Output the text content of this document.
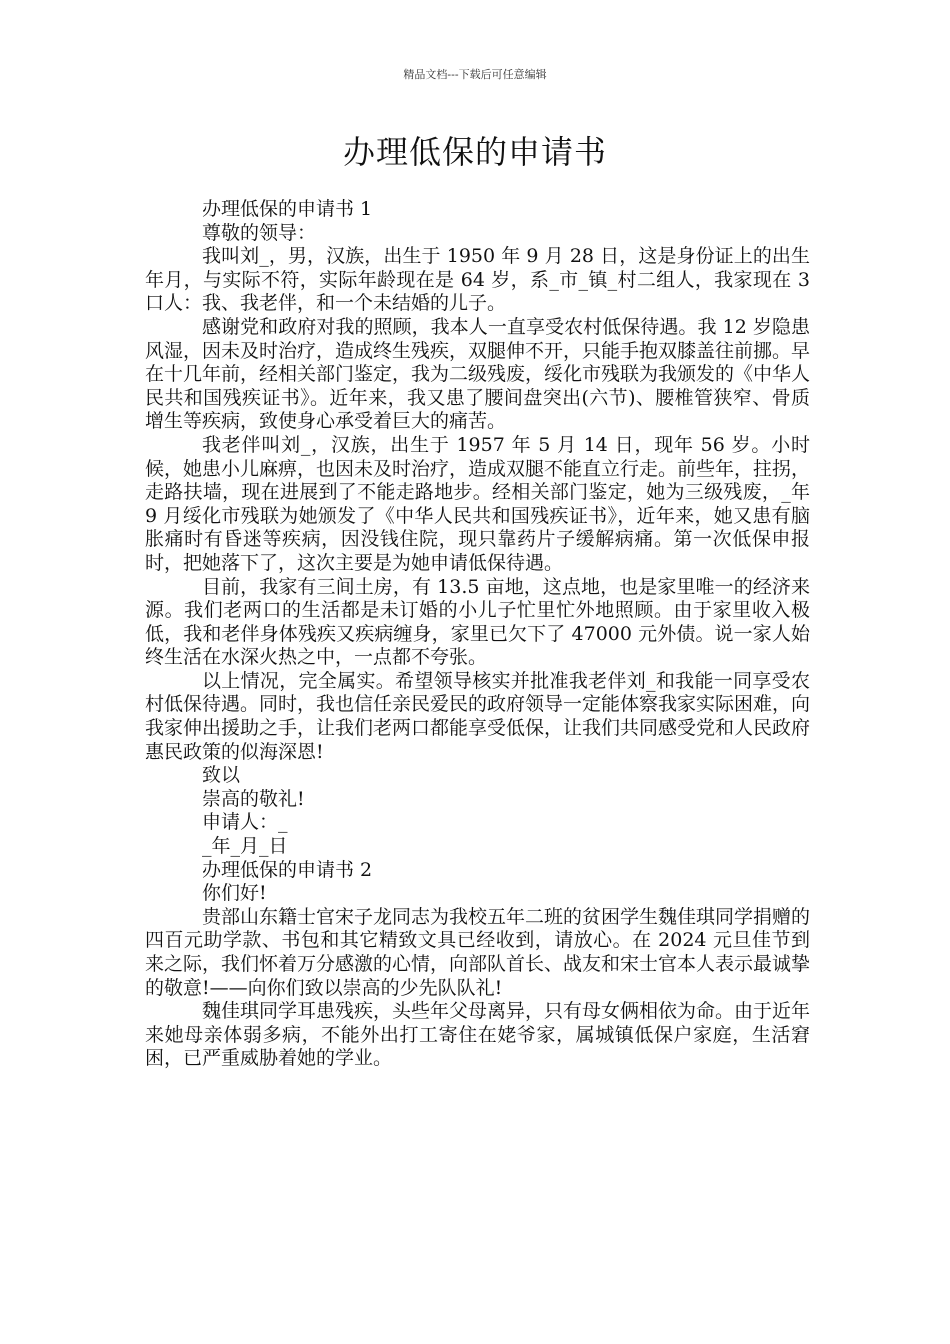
精品文档---下载后可任意编辑
办理低保的申请书
办理低保的申请书 1
尊敬的领导：

我叫刘_，男，汉族，出生于 1950 年 9 月 28 日，这是身份证上的出生年月，与实际不符，实际年龄现在是 64 岁，系_市_镇_村二组人，我家现在 3 口人：我、我老伴，和一个未结婚的儿子。

感谢党和政府对我的照顾，我本人一直享受农村低保待遇。我 12 岁隐患风湿，因未及时治疗，造成终生残疾，双腿伸不开，只能手抱双膝盖往前挪。早在十几年前，经相关部门鉴定，我为二级残废，绥化市残联为我颁发的《中华人民共和国残疾证书》。近年来，我又患了腰间盘突出(六节)、腰椎管狭窄、骨质增生等疾病，致使身心承受着巨大的痛苦。

我老伴叫刘_，汉族，出生于 1957 年 5 月 14 日，现年 56 岁。小时候，她患小儿麻痹，也因未及时治疗，造成双腿不能直立行走。前些年，拄拐，走路扶墙，现在进展到了不能走路地步。经相关部门鉴定，她为三级残废，_年 9 月绥化市残联为她颁发了《中华人民共和国残疾证书》，近年来，她又患有脑胀痛时有昏迷等疾病，因没钱住院，现只靠药片子缓解病痛。第一次低保申报时，把她落下了，这次主要是为她申请低保待遇。

目前，我家有三间土房，有 13.5 亩地，这点地，也是家里唯一的经济来源。我们老两口的生活都是未订婚的小儿子忙里忙外地照顾。由于家里收入极低，我和老伴身体残疾又疾病缠身，家里已欠下了 47000 元外债。说一家人始终生活在水深火热之中，一点都不夸张。

以上情况，完全属实。希望领导核实并批准我老伴刘_和我能一同享受农村低保待遇。同时，我也信任亲民爱民的政府领导一定能体察我家实际困难，向我家伸出援助之手，让我们老两口都能享受低保，让我们共同感受党和人民政府惠民政策的似海深恩!

致以
崇高的敬礼!
申请人：_
_年_月_日
办理低保的申请书 2
你们好!

贵部山东籍士官宋子龙同志为我校五年二班的贫困学生魏佳琪同学捐赠的四百元助学款、书包和其它精致文具已经收到，请放心。在 2024 元旦佳节到来之际，我们怀着万分感激的心情，向部队首长、战友和宋士官本人表示最诚挚的敬意!——向你们致以崇高的少先队队礼!

魏佳琪同学耳患残疾，头些年父母离异，只有母女俩相依为命。由于近年来她母亲体弱多病，不能外出打工寄住在姥爷家，属城镇低保户家庭，生活窘困，已严重威胁着她的学业。
